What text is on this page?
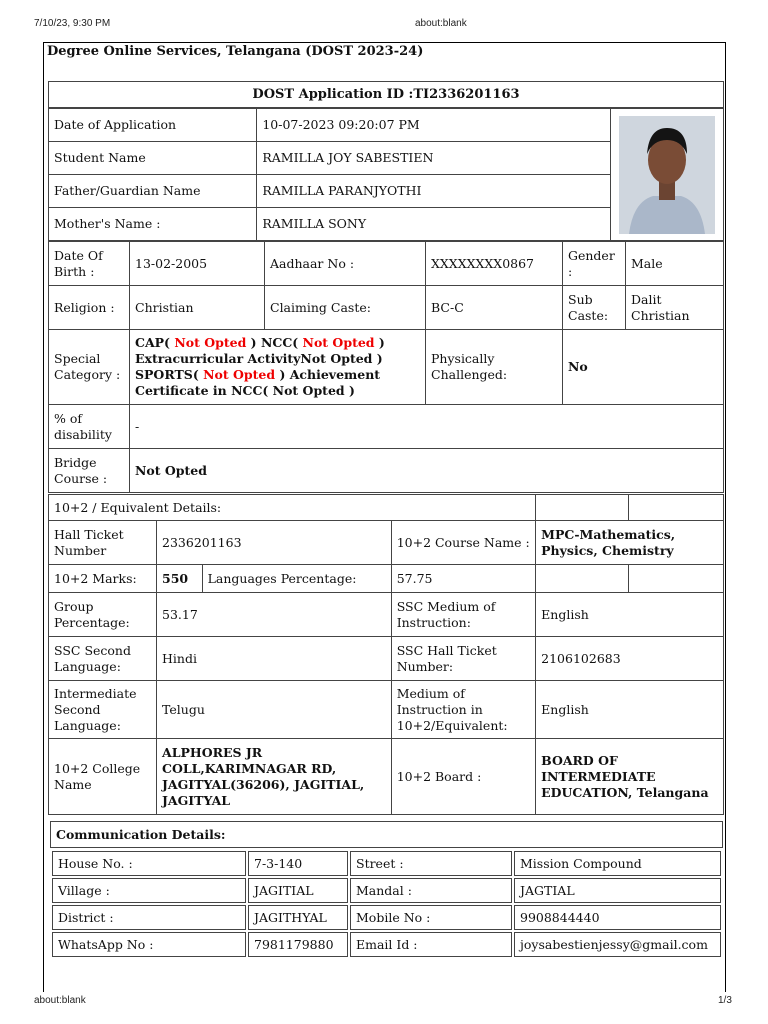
7/10/23, 9:30 PM	about:blank
about:blank	1/3
Degree Online Services, Telangana (DOST 2023-24)
DOST Application ID :TI2336201163
Date of Application	10-07-2023 09:20:07 PM	

Student Name	RAMILLA JOY SABESTIEN	
Father/Guardian Name	RAMILLA PARANJYOTHI	
Mother's Name :	RAMILLA SONY	
Date Of Birth :	13-02-2005	Aadhaar No :	XXXXXXXX0867	Gender :	Male
Religion :	Christian	Claiming Caste:	BC-C	Sub Caste:	Dalit Christian
Special Category :	CAP( Not Opted ) NCC( Not Opted )
Extracurricular ActivityNot Opted )
SPORTS( Not Opted ) Achievement
Certificate in NCC( Not Opted )		Physically Challenged:	No	
% of disability	-				
Bridge Course :	Not Opted				
10+2 / Equivalent Details:					
Hall Ticket Number	2336201163		10+2 Course Name :	MPC-Mathematics, Physics, Chemistry	
10+2 Marks:	550	Languages Percentage:	57.75		
Group Percentage:	53.17		SSC Medium of Instruction:	English	
SSC Second Language:	Hindi		SSC Hall Ticket Number:	2106102683	
Intermediate Second Language:	Telugu		Medium of Instruction in 10+2/Equivalent:	English	
10+2 College Name	ALPHORES JR COLL,KARIMNAGAR RD, JAGITYAL(36206), JAGITIAL, JAGITYAL		10+2 Board :	BOARD OF INTERMEDIATE EDUCATION, Telangana	
Communication Details:
House No. :	7-3-140	Street :	Mission Compound
Village :	JAGITIAL	Mandal :	JAGTIAL
District :	JAGITHYAL	Mobile No :	9908844440
WhatsApp No :	7981179880	Email Id :	joysabestienjessy@gmail.com
